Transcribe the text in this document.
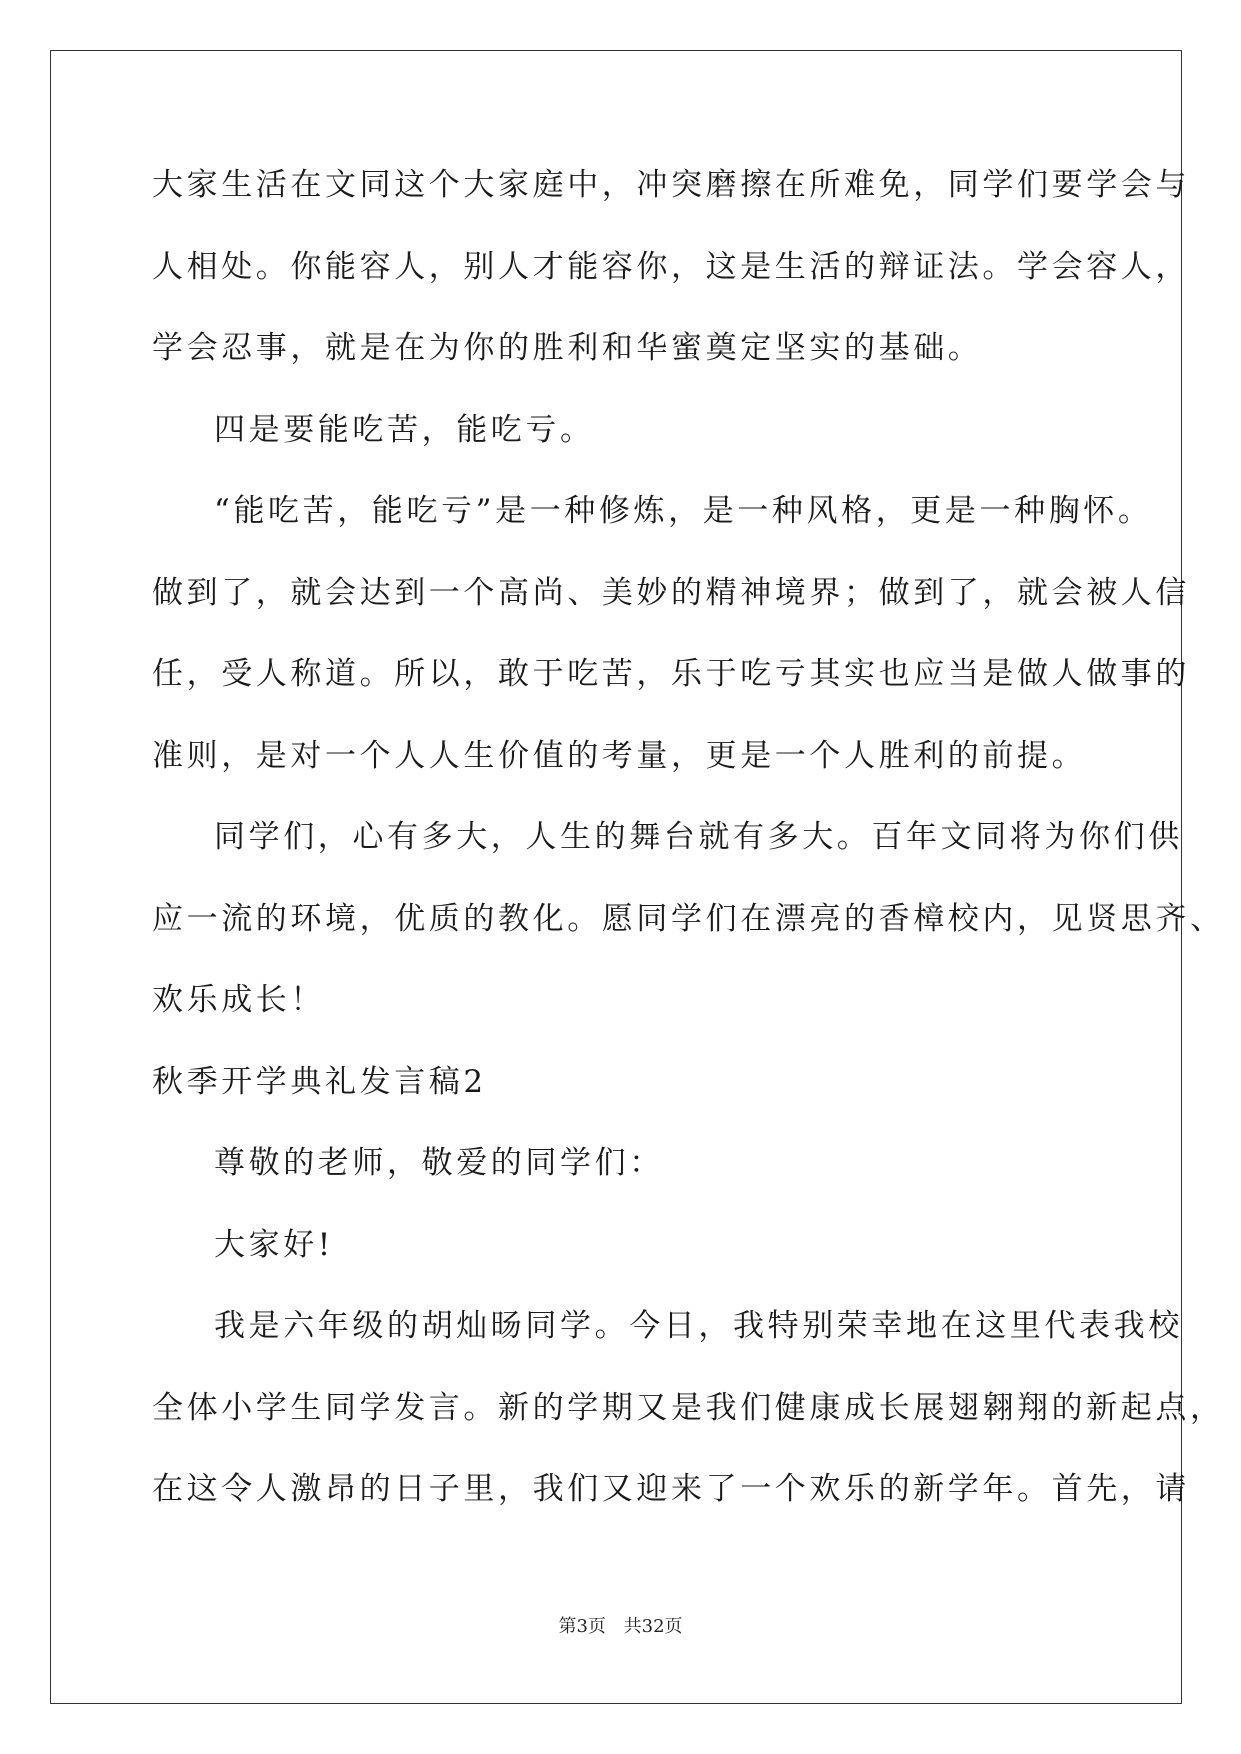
大家生活在文同这个大家庭中，冲突磨擦在所难免，同学们要学会与
人相处。你能容人，别人才能容你，这是生活的辩证法。学会容人，
学会忍事，就是在为你的胜利和华蜜奠定坚实的基础。
四是要能吃苦，能吃亏。
“能吃苦，能吃亏”是一种修炼，是一种风格，更是一种胸怀。
做到了，就会达到一个高尚、美妙的精神境界；做到了，就会被人信
任，受人称道。所以，敢于吃苦，乐于吃亏其实也应当是做人做事的
准则，是对一个人人生价值的考量，更是一个人胜利的前提。
同学们，心有多大，人生的舞台就有多大。百年文同将为你们供
应一流的环境，优质的教化。愿同学们在漂亮的香樟校内，见贤思齐、
欢乐成长！
秋季开学典礼发言稿2
尊敬的老师，敬爱的同学们：
大家好!
我是六年级的胡灿旸同学。今日，我特别荣幸地在这里代表我校
全体小学生同学发言。新的学期又是我们健康成长展翅翱翔的新起点，
在这令人激昂的日子里，我们又迎来了一个欢乐的新学年。首先，请
第3页 共32页
